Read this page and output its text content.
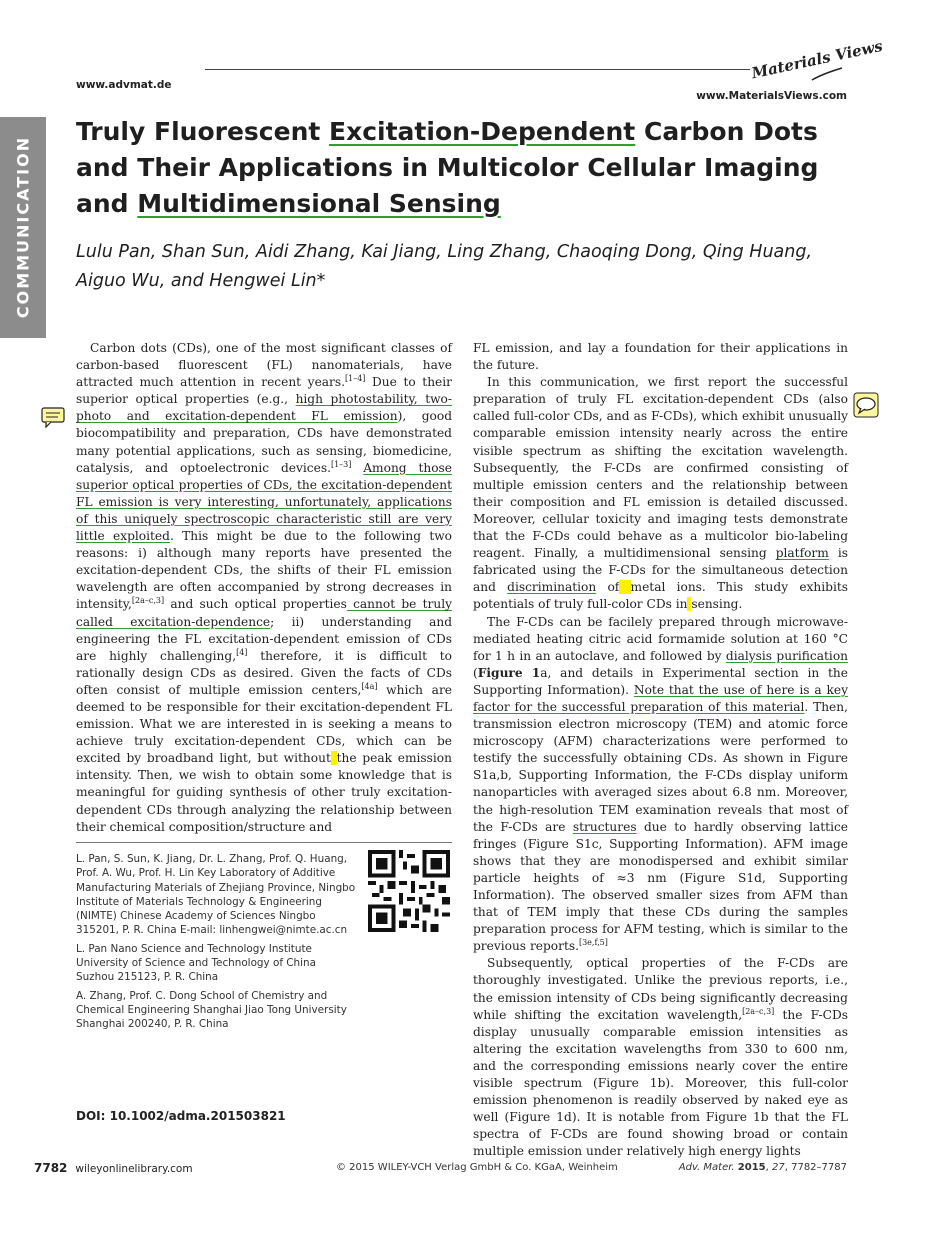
COMMUNICATION
www.advmat.de
Materials Views
www.MaterialsViews.com
Truly Fluorescent Excitation-Dependent Carbon Dots and Their Applications in Multicolor Cellular Imaging and Multidimensional Sensing
Lulu Pan, Shan Sun, Aidi Zhang, Kai Jiang, Ling Zhang, Chaoqing Dong, Qing Huang, Aiguo Wu, and Hengwei Lin*

Carbon dots (CDs), one of the most significant classes of carbon-based fluorescent (FL) nanomaterials, have attracted much attention in recent years.[1–4] Due to their superior optical properties (e.g., high photostability, two-photo and excitation-dependent FL emission), good biocompatibility and preparation, CDs have demonstrated many potential applications, such as sensing, biomedicine, catalysis, and optoelectronic devices.[1–3] Among those superior optical properties of CDs, the excitation-dependent FL emission is very interesting, unfortunately, applications of this uniquely spectroscopic characteristic still are very little exploited. This might be due to the following two reasons: i) although many reports have presented the excitation-dependent CDs, the shifts of their FL emission wavelength are often accompanied by strong decreases in intensity,[2a–c,3] and such optical properties cannot be truly called excitation-dependence; ii) understanding and engineering the FL excitation-dependent emission of CDs are highly challenging,[4] therefore, it is difficult to rationally design CDs as desired. Given the facts of CDs often consist of multiple emission centers,[4a] which are deemed to be responsible for their excitation-dependent FL emission. What we are interested in is seeking a means to achieve truly excitation-dependent CDs, which can be excited by broadband light, but without the peak emission intensity. Then, we wish to obtain some knowledge that is meaningful for guiding synthesis of other truly excitation-dependent CDs through analyzing the relationship between their chemical composition/structure and

FL emission, and lay a foundation for their applications in the future.

In this communication, we first report the successful preparation of truly FL excitation-dependent CDs (also called full-color CDs, and as F-CDs), which exhibit unusually comparable emission intensity nearly across the entire visible spectrum as shifting the excitation wavelength. Subsequently, the F-CDs are confirmed consisting of multiple emission centers and the relationship between their composition and FL emission is detailed discussed. Moreover, cellular toxicity and imaging tests demonstrate that the F-CDs could behave as a multicolor bio-labeling reagent. Finally, a multidimensional sensing platform is fabricated using the F-CDs for the simultaneous detection and discrimination of metal ions. This study exhibits potentials of truly full-color CDs in sensing.

The F-CDs can be facilely prepared through microwave-mediated heating citric acid formamide solution at 160 °C for 1 h in an autoclave, and followed by dialysis purification (Figure 1a, and details in Experimental section in the Supporting Information). Note that the use of here is a key factor for the successful preparation of this material. Then, transmission electron microscopy (TEM) and atomic force microscopy (AFM) characterizations were performed to testify the successfully obtaining CDs. As shown in Figure S1a,b, Supporting Information, the F-CDs display uniform nanoparticles with averaged sizes about 6.8 nm. Moreover, the high-resolution TEM examination reveals that most of the F-CDs are structures due to hardly observing lattice fringes (Figure S1c, Supporting Information). AFM image shows that they are monodispersed and exhibit similar particle heights of ≈3 nm (Figure S1d, Supporting Information). The observed smaller sizes from AFM than that of TEM imply that these CDs during the samples preparation process for AFM testing, which is similar to the previous reports.[3e,f,5]

Subsequently, optical properties of the F-CDs are thoroughly investigated. Unlike the previous reports, i.e., the emission intensity of CDs being significantly decreasing while shifting the excitation wavelength,[2a–c,3] the F-CDs display unusually comparable emission intensities as altering the excitation wavelengths from 330 to 600 nm, and the corresponding emissions nearly cover the entire visible spectrum (Figure 1b). Moreover, this full-color emission phenomenon is readily observed by naked eye as well (Figure 1d). It is notable from Figure 1b that the FL spectra of F-CDs are found showing broad or contain multiple emission under relatively high energy lights

L. Pan, S. Sun, K. Jiang, Dr. L. Zhang, Prof. Q. Huang, Prof. A. Wu, Prof. H. Lin Key Laboratory of Additive Manufacturing Materials of Zhejiang Province, Ningbo Institute of Materials Technology & Engineering (NIMTE) Chinese Academy of Sciences Ningbo 315201, P. R. China E-mail: linhengwei@nimte.ac.cn

L. Pan Nano Science and Technology Institute University of Science and Technology of China Suzhou 215123, P. R. China

A. Zhang, Prof. C. Dong School of Chemistry and Chemical Engineering Shanghai Jiao Tong University Shanghai 200240, P. R. China

DOI: 10.1002/adma.201503821
7782 wileyonlinelibrary.com	© 2015 WILEY-VCH Verlag GmbH & Co. KGaA, Weinheim	Adv. Mater. 2015, 27, 7782–7787
